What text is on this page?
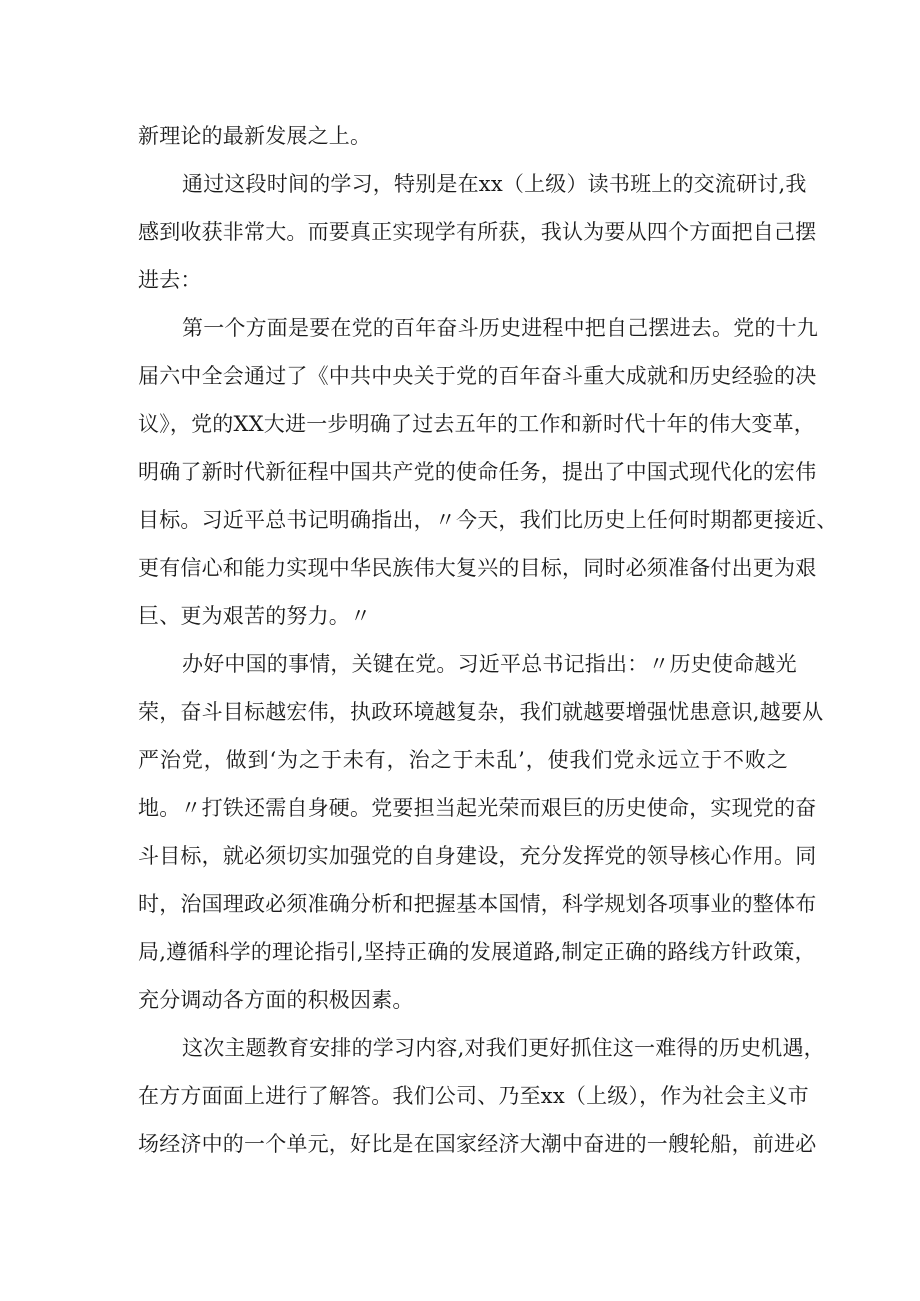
新理论的最新发展之上。
通过这段时间的学习，特别是在xx（上级）读书班上的交流研讨,我
感到收获非常大。而要真正实现学有所获，我认为要从四个方面把自己摆
进去：
第一个方面是要在党的百年奋斗历史进程中把自己摆进去。党的十九
届六中全会通过了《中共中央关于党的百年奋斗重大成就和历史经验的决
议》，党的XX大进一步明确了过去五年的工作和新时代十年的伟大变革，
明确了新时代新征程中国共产党的使命任务，提出了中国式现代化的宏伟
目标。习近平总书记明确指出，〃今天，我们比历史上任何时期都更接近、
更有信心和能力实现中华民族伟大复兴的目标，同时必须准备付出更为艰
巨、更为艰苦的努力。〃
办好中国的事情，关键在党。习近平总书记指出：〃历史使命越光
荣，奋斗目标越宏伟，执政环境越复杂，我们就越要增强忧患意识,越要从
严治党，做到‘为之于未有，治之于未乱’，使我们党永远立于不败之
地。〃打铁还需自身硬。党要担当起光荣而艰巨的历史使命，实现党的奋
斗目标，就必须切实加强党的自身建设，充分发挥党的领导核心作用。同
时，治国理政必须准确分析和把握基本国情，科学规划各项事业的整体布
局,遵循科学的理论指引,坚持正确的发展道路,制定正确的路线方针政策，
充分调动各方面的积极因素。
这次主题教育安排的学习内容,对我们更好抓住这一难得的历史机遇，
在方方面面上进行了解答。我们公司、乃至xx（上级），作为社会主义市
场经济中的一个单元，好比是在国家经济大潮中奋进的一艘轮船，前进必
